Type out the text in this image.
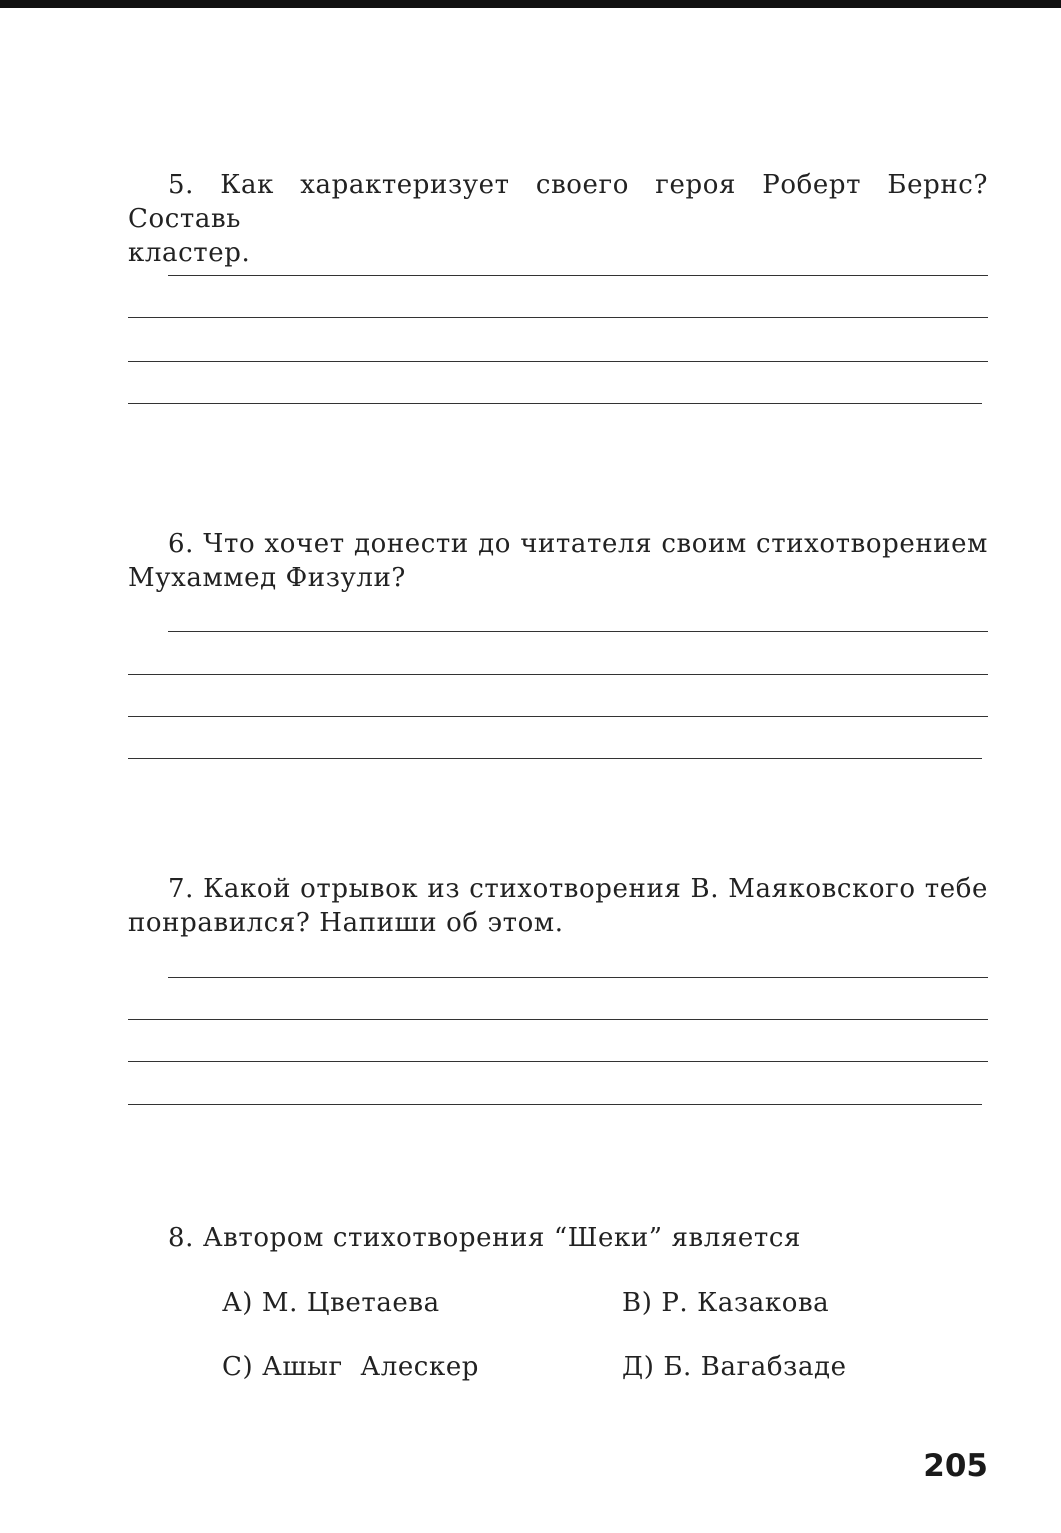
5. Как характеризует своего героя Роберт Бернс? Составь
кластер.
6. Что хочет донести до читателя своим стихотворением
Мухаммед Физули?
7. Какой отрывок из стихотворения В. Маяковского тебе
понравился? Напиши об этом.
8. Автором стихотворения “Шеки” является
А) М. Цветаева	В) Р. Казакова
С) Ашыг  Алескер	Д) Б. Вагабзаде
205
